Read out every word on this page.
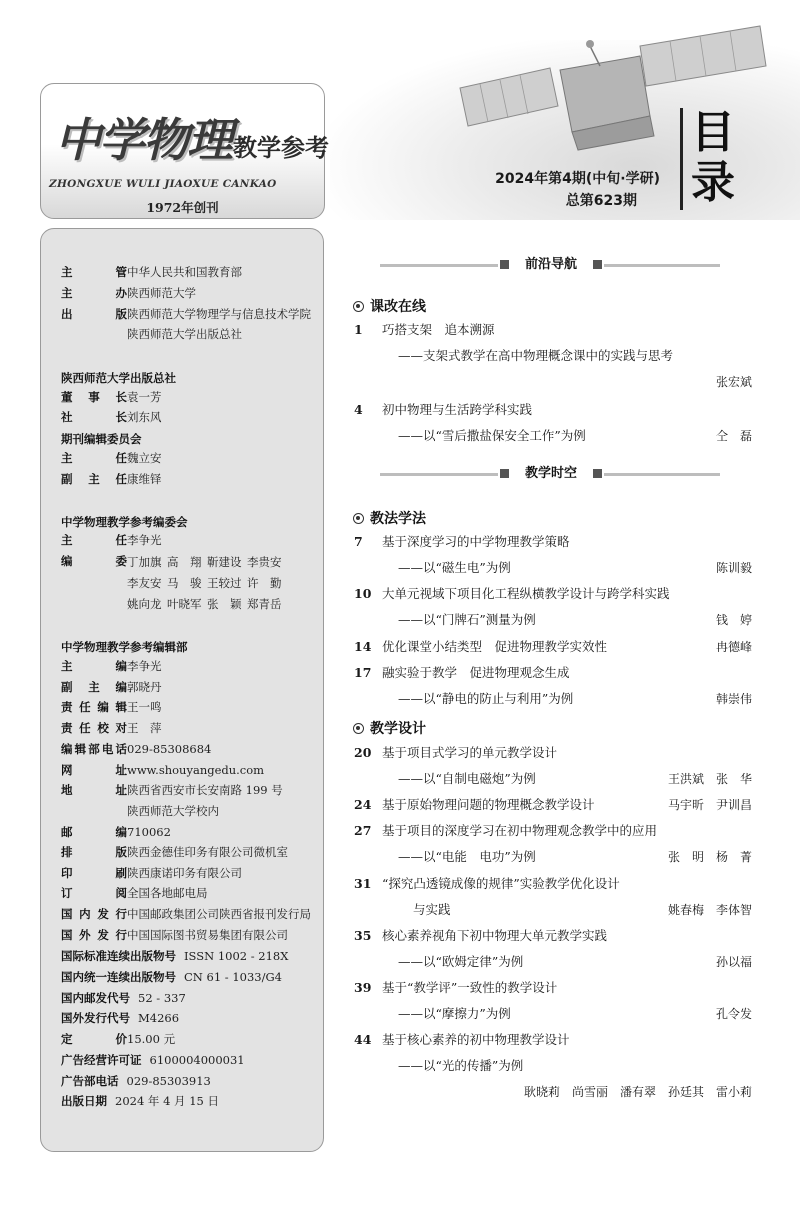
中学物理教学参考
ZHONGXUE WULI JIAOXUE CANKAO
1972年创刊
2024年第4期(中旬·学研)
总第623期
目
录
主　管中华人民共和国教育部
主　办陕西师范大学
出　版陕西师范大学物理学与信息技术学院
陕西师范大学出版总社
陕西师范大学出版总社
董事长袁一芳
社　长刘东风
期刊编辑委员会
主　任魏立安
副主任康维铎
中学物理教学参考编委会
主　任李争光
编　委 丁加旗 高　翔 靳建设 李贵安
李友安 马　骏 王较过 许　勤
姚向龙 叶晓军 张　颖 郑青岳
中学物理教学参考编辑部
主　编李争光
副主编郭晓丹
责任编辑王一鸣
责任校对王　萍
编辑部电话029-85308684
网　址www.shouyangedu.com
地　址陕西省西安市长安南路 199 号
陕西师范大学校内
邮　编710062
排　版陕西金德佳印务有限公司微机室
印　刷陕西康诺印务有限公司
订　阅全国各地邮电局
国内发行中国邮政集团公司陕西省报刊发行局
国外发行中国国际图书贸易集团有限公司
国际标准连续出版物号 ISSN 1002 - 218X
国内统一连续出版物号 CN 61 - 1033/G4
国内邮发代号 52 - 337
国外发行代号 M4266
定　价15.00 元
广告经营许可证 6100004000031
广告部电话 029-85303913
出版日期 2024 年 4 月 15 日
前沿导航
课改在线
1	巧搭支架　追本溯源
——支架式教学在高中物理概念课中的实践与思考
张宏斌
4	初中物理与生活跨学科实践
——以“雪后撒盐保安全工作”为例	仝　磊
教学时空
教法学法
7	基于深度学习的中学物理教学策略
——以“磁生电”为例	陈训毅
10 大单元视域下项目化工程纵横教学设计与跨学科实践
——以“门牌石”测量为例	钱　婷
14 优化课堂小结类型　促进物理教学实效性	冉德峰
17 融实验于教学　促进物理观念生成
——以“静电的防止与利用”为例	韩崇伟
教学设计
20 基于项目式学习的单元教学设计
——以“自制电磁炮”为例	王洪斌　张　华
24 基于原始物理问题的物理概念教学设计	马宇昕　尹训昌
27 基于项目的深度学习在初中物理观念教学中的应用
——以“电能　电功”为例	张　明　杨　菁
31 “探究凸透镜成像的规律”实验教学优化设计
与实践	姚春梅　李体智
35 核心素养视角下初中物理大单元教学实践
——以“欧姆定律”为例	孙以福
39 基于“教学评”一致性的教学设计
——以“摩擦力”为例	孔令发
44 基于核心素养的初中物理教学设计
——以“光的传播”为例
耿晓莉　尚雪丽　潘有翠　孙廷其　雷小莉
